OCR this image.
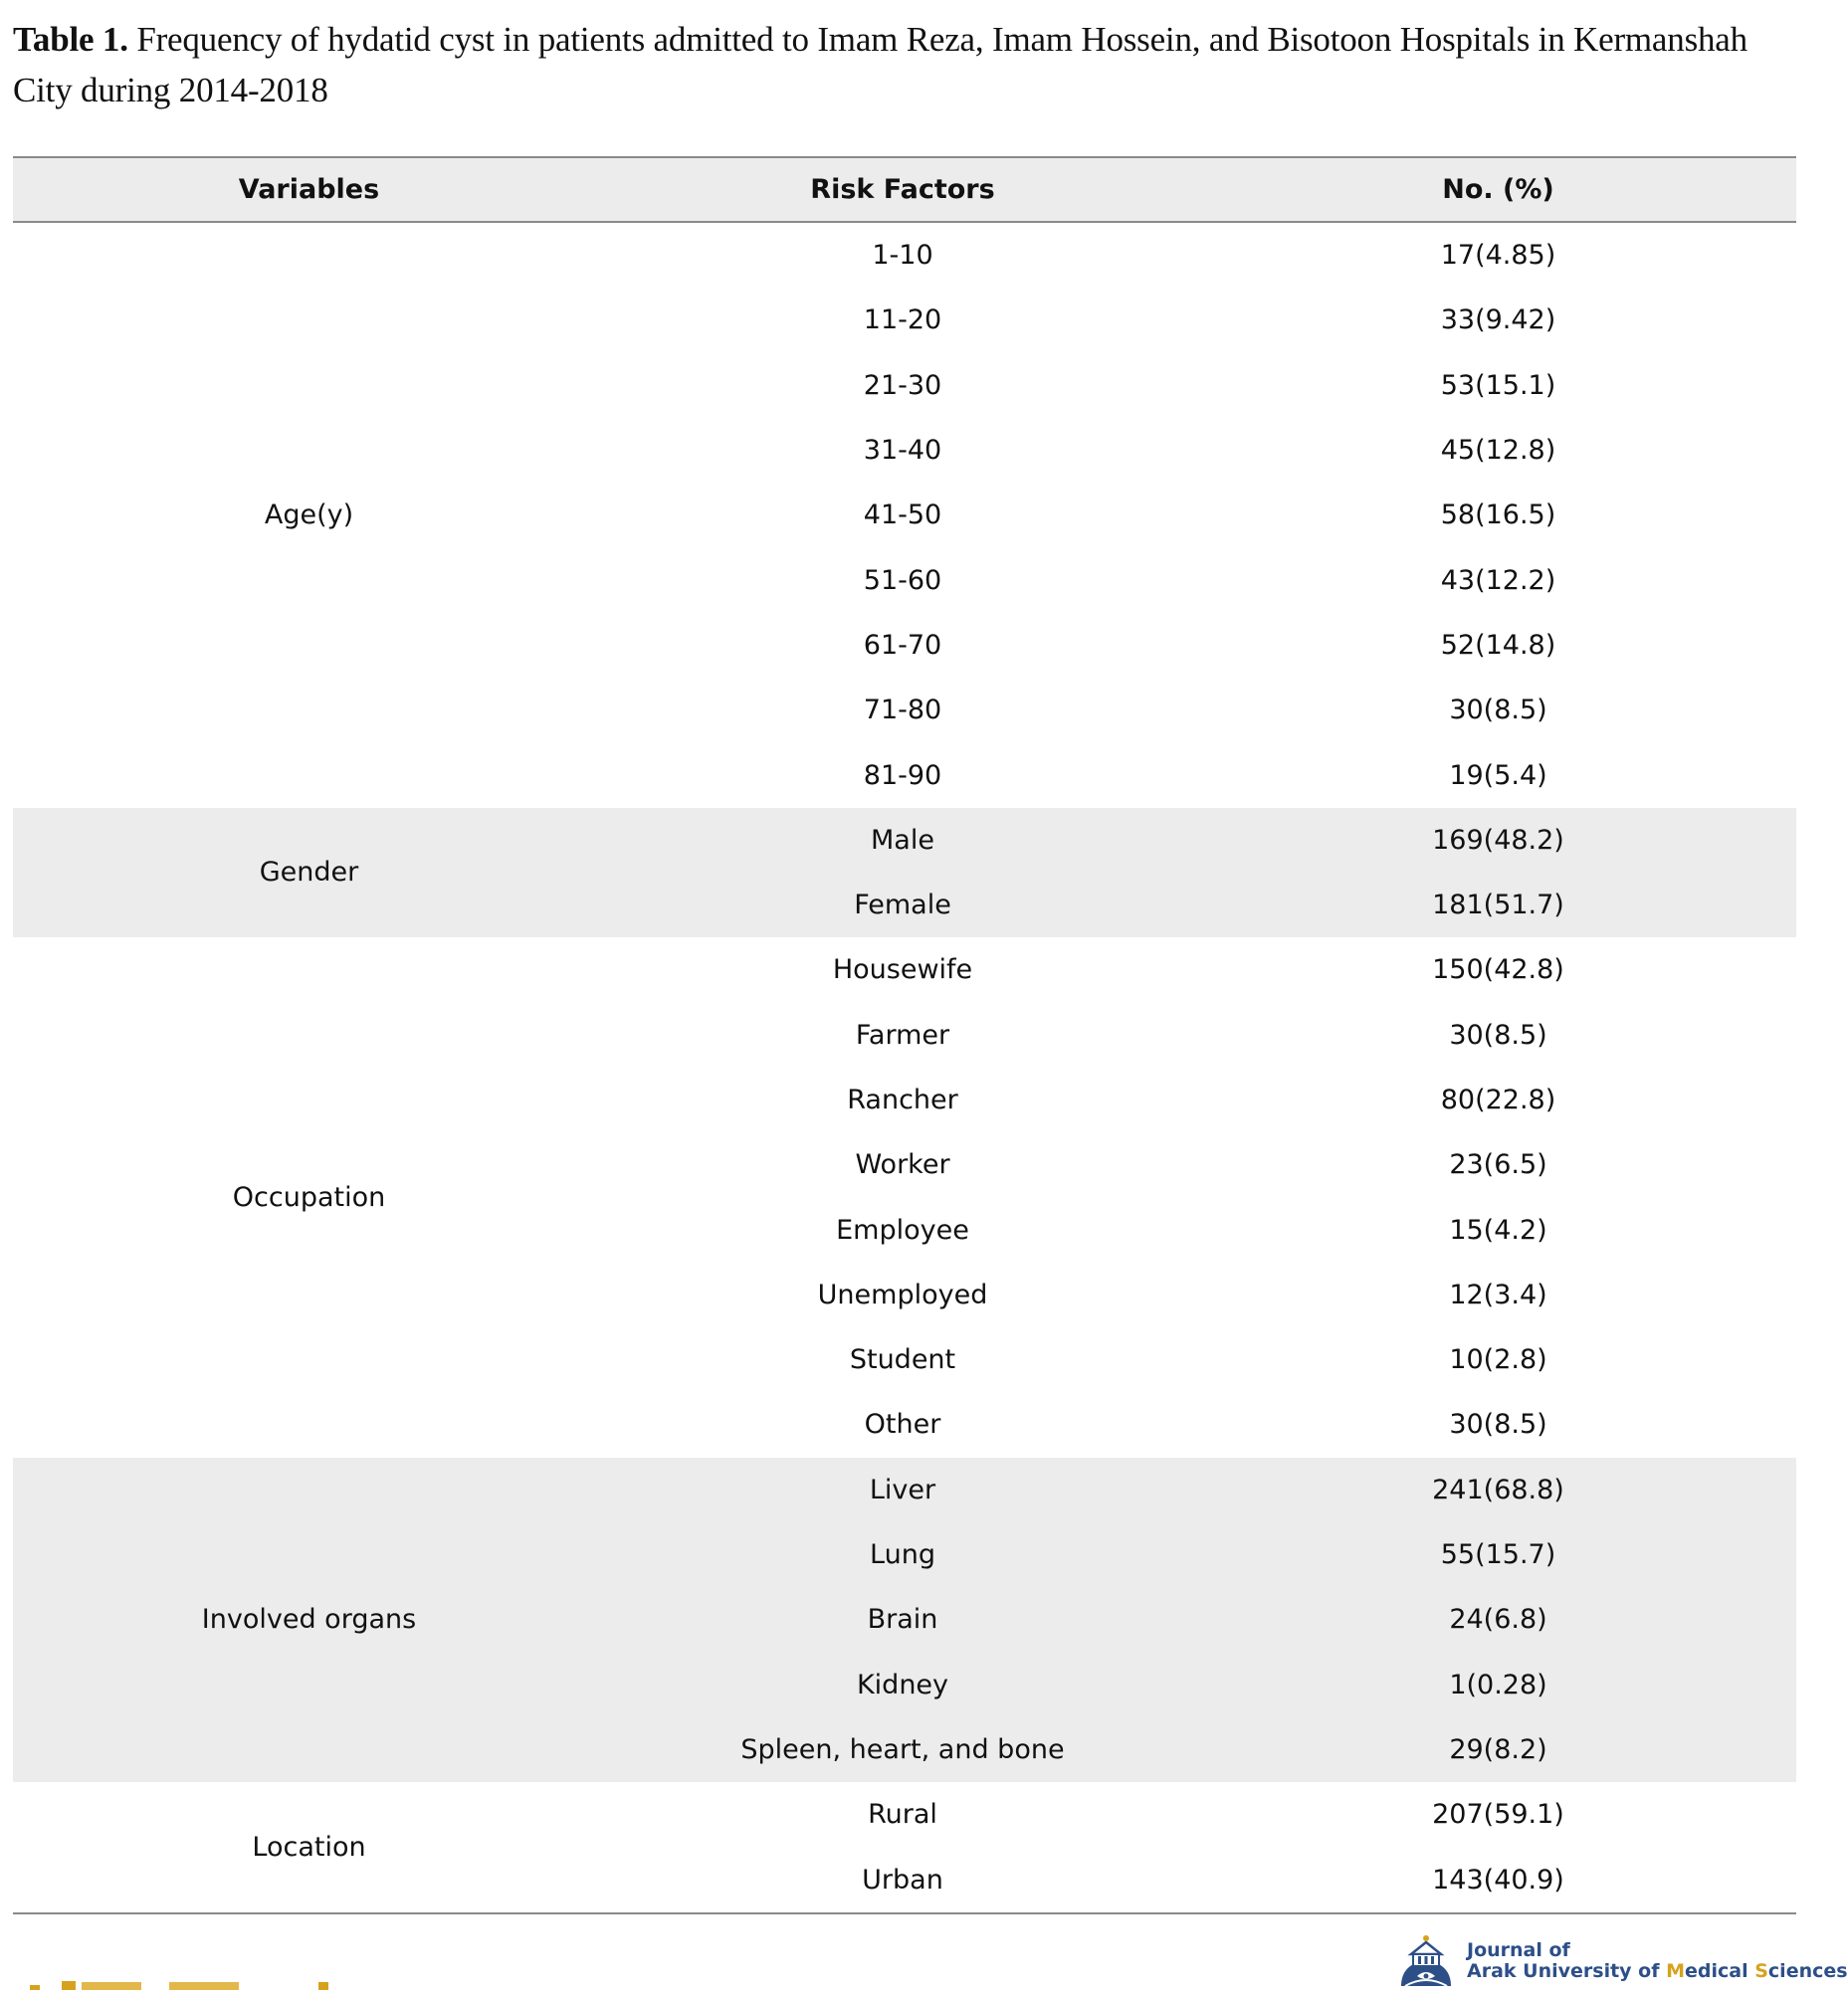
Table 1. Frequency of hydatid cyst in patients admitted to Imam Reza, Imam Hossein, and Bisotoon Hospitals in Kermanshah City during 2014-2018
Variables	Risk Factors	No. (%)
Age(y)	1-10	17(4.85)
	11-20	33(9.42)
	21-30	53(15.1)
	31-40	45(12.8)
	41-50	58(16.5)
	51-60	43(12.2)
	61-70	52(14.8)
	71-80	30(8.5)
	81-90	19(5.4)
Gender	Male	169(48.2)
	Female	181(51.7)
Occupation	Housewife	150(42.8)
	Farmer	30(8.5)
	Rancher	80(22.8)
	Worker	23(6.5)
	Employee	15(4.2)
	Unemployed	12(3.4)
	Student	10(2.8)
	Other	30(8.5)
Involved organs	Liver	241(68.8)
	Lung	55(15.7)
	Brain	24(6.8)
	Kidney	1(0.28)
	Spleen, heart, and bone	29(8.2)
Location	Rural	207(59.1)
	Urban	143(40.9)
Journal of
Arak University of Medical Sciences
